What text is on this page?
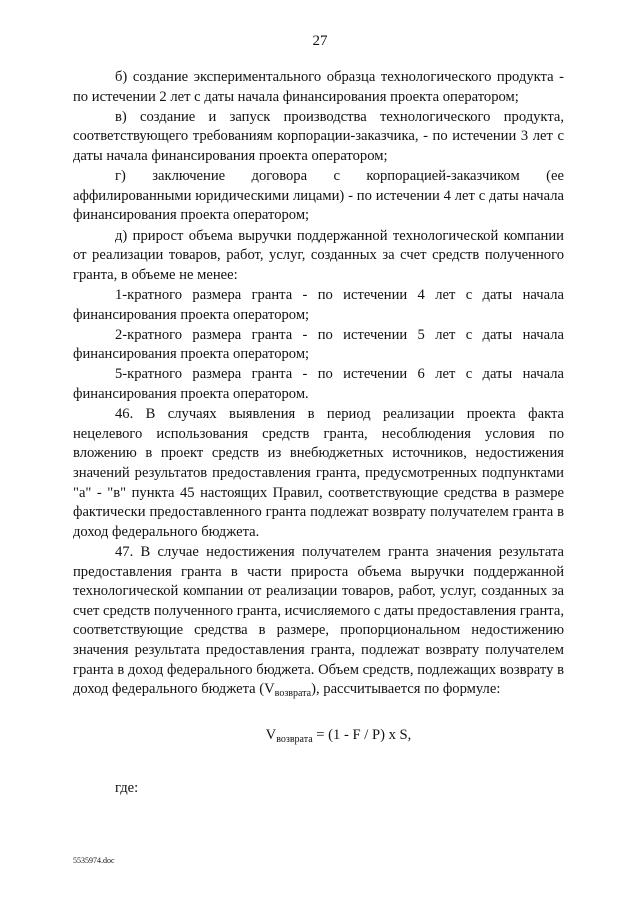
27

б) создание экспериментального образца технологического продукта - по истечении 2 лет с даты начала финансирования проекта оператором;

в) создание и запуск производства технологического продукта, соответствующего требованиям корпорации-заказчика, - по истечении 3 лет с даты начала финансирования проекта оператором;

г) заключение договора с корпорацией-заказчиком (ее аффилированными юридическими лицами) - по истечении 4 лет с даты начала финансирования проекта оператором;

д) прирост объема выручки поддержанной технологической компании от реализации товаров, работ, услуг, созданных за счет средств полученного гранта, в объеме не менее:

1-кратного размера гранта - по истечении 4 лет с даты начала финансирования проекта оператором;

2-кратного размера гранта - по истечении 5 лет с даты начала финансирования проекта оператором;

5-кратного размера гранта - по истечении 6 лет с даты начала финансирования проекта оператором.

46. В случаях выявления в период реализации проекта факта нецелевого использования средств гранта, несоблюдения условия по вложению в проект средств из внебюджетных источников, недостижения значений результатов предоставления гранта, предусмотренных подпунктами "а" - "в" пункта 45 настоящих Правил, соответствующие средства в размере фактически предоставленного гранта подлежат возврату получателем гранта в доход федерального бюджета.

47. В случае недостижения получателем гранта значения результата предоставления гранта в части прироста объема выручки поддержанной технологической компании от реализации товаров, работ, услуг, созданных за счет средств полученного гранта, исчисляемого с даты предоставления гранта, соответствующие средства в размере, пропорциональном недостижению значения результата предоставления гранта, подлежат возврату получателем гранта в доход федерального бюджета. Объем средств, подлежащих возврату в доход федерального бюджета $(V_{возврата})$, рассчитывается по формуле:

$V_{возврата} = (1 - F / P)$ x S,
где:
5535974.doc
